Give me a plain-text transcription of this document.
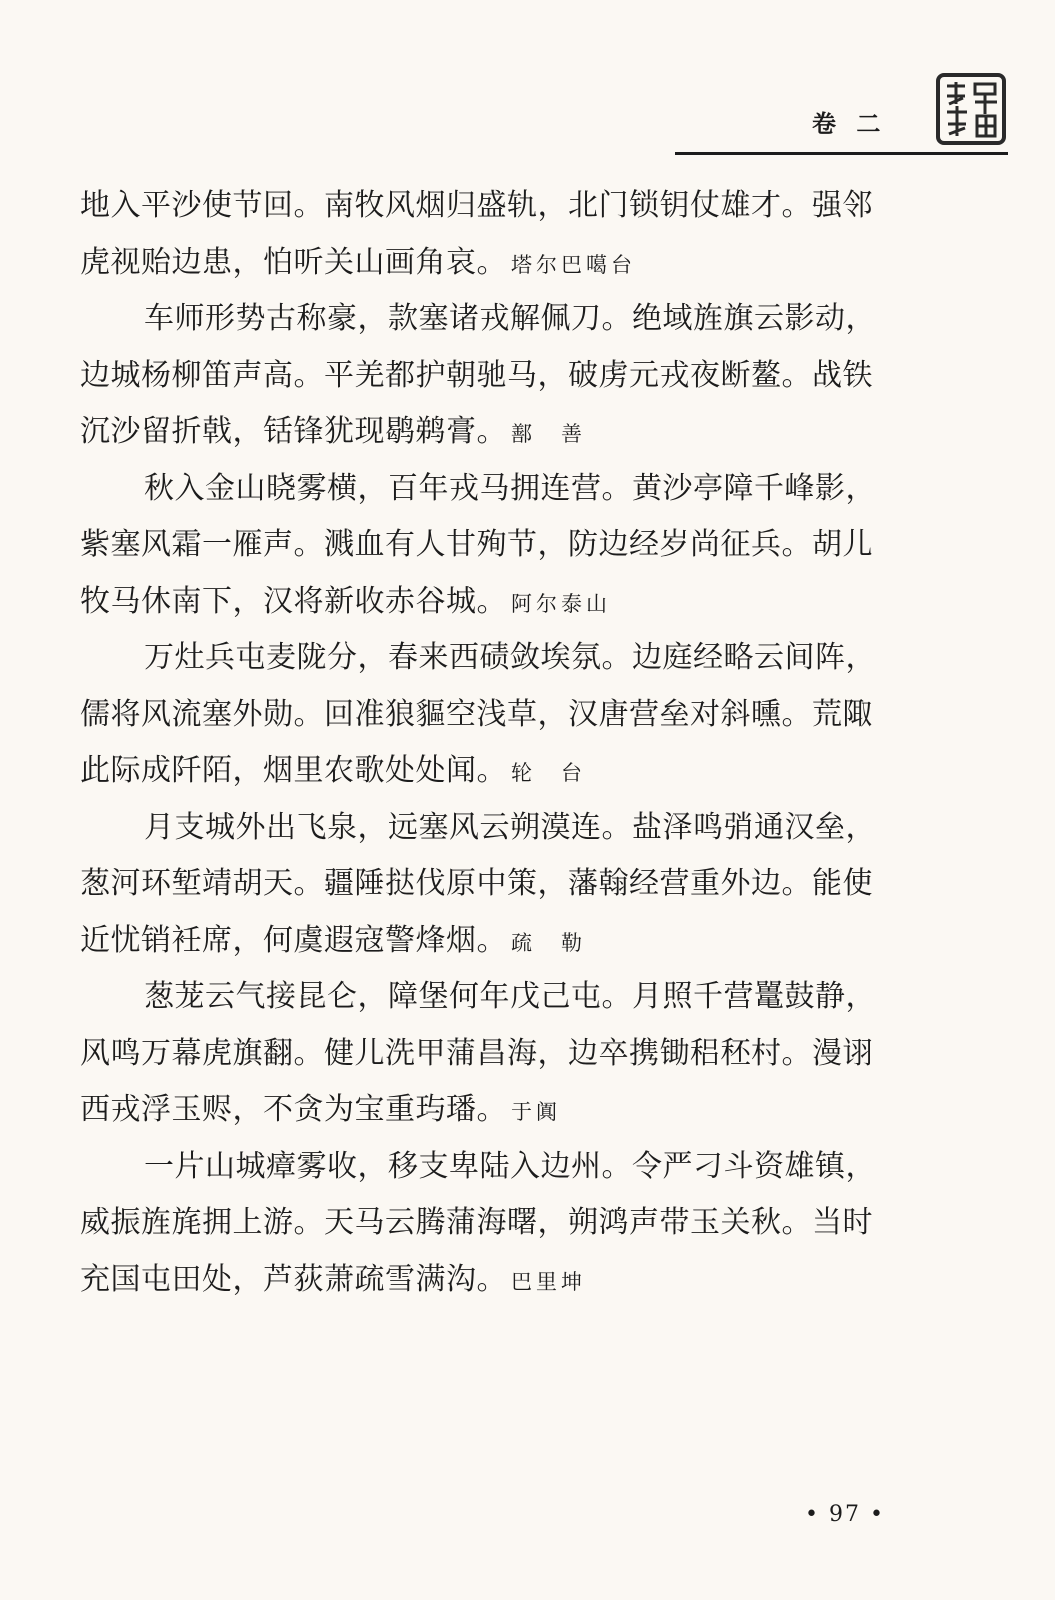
卷 二
地入平沙使节回。南牧风烟归盛轨，北门锁钥仗雄才。强邻
虎视贻边患，怕听关山画角哀。 塔尔巴噶台
车师形势古称豪，款塞诸戎解佩刀。绝域旌旗云影动，
边城杨柳笛声高。平羌都护朝驰马，破虏元戎夜断鳌。战铁
沉沙留折戟，铦锋犹现鹖鹈膏。 鄯　善
秋入金山晓雾横，百年戎马拥连营。黄沙亭障千峰影，
紫塞风霜一雁声。溅血有人甘殉节，防边经岁尚征兵。胡儿
牧马休南下，汉将新收赤谷城。 阿尔泰山
万灶兵屯麦陇分，春来西碛敛埃氛。边庭经略云间阵，
儒将风流塞外勋。回准狼貙空浅草，汉唐营垒对斜曛。荒陬
此际成阡陌，烟里农歌处处闻。 轮　台
月支城外出飞泉，远塞风云朔漠连。盐泽鸣弰通汉垒，
葱河环堑靖胡天。疆陲挞伐原中策，藩翰经营重外边。能使
近忧销衽席，何虞遐寇警烽烟。 疏　勒
葱茏云气接昆仑，障堡何年戊己屯。月照千营鼍鼓静，
风鸣万幕虎旗翻。健儿洗甲蒲昌海，边卒携锄稆秠村。漫诩
西戎浮玉赆，不贪为宝重玙璠。 于阗
一片山城瘴雾收，移支卑陆入边州。令严刁斗资雄镇，
威振旌旄拥上游。天马云腾蒲海曙，朔鸿声带玉关秋。当时
充国屯田处，芦荻萧疏雪满沟。 巴里坤
• 97 •
